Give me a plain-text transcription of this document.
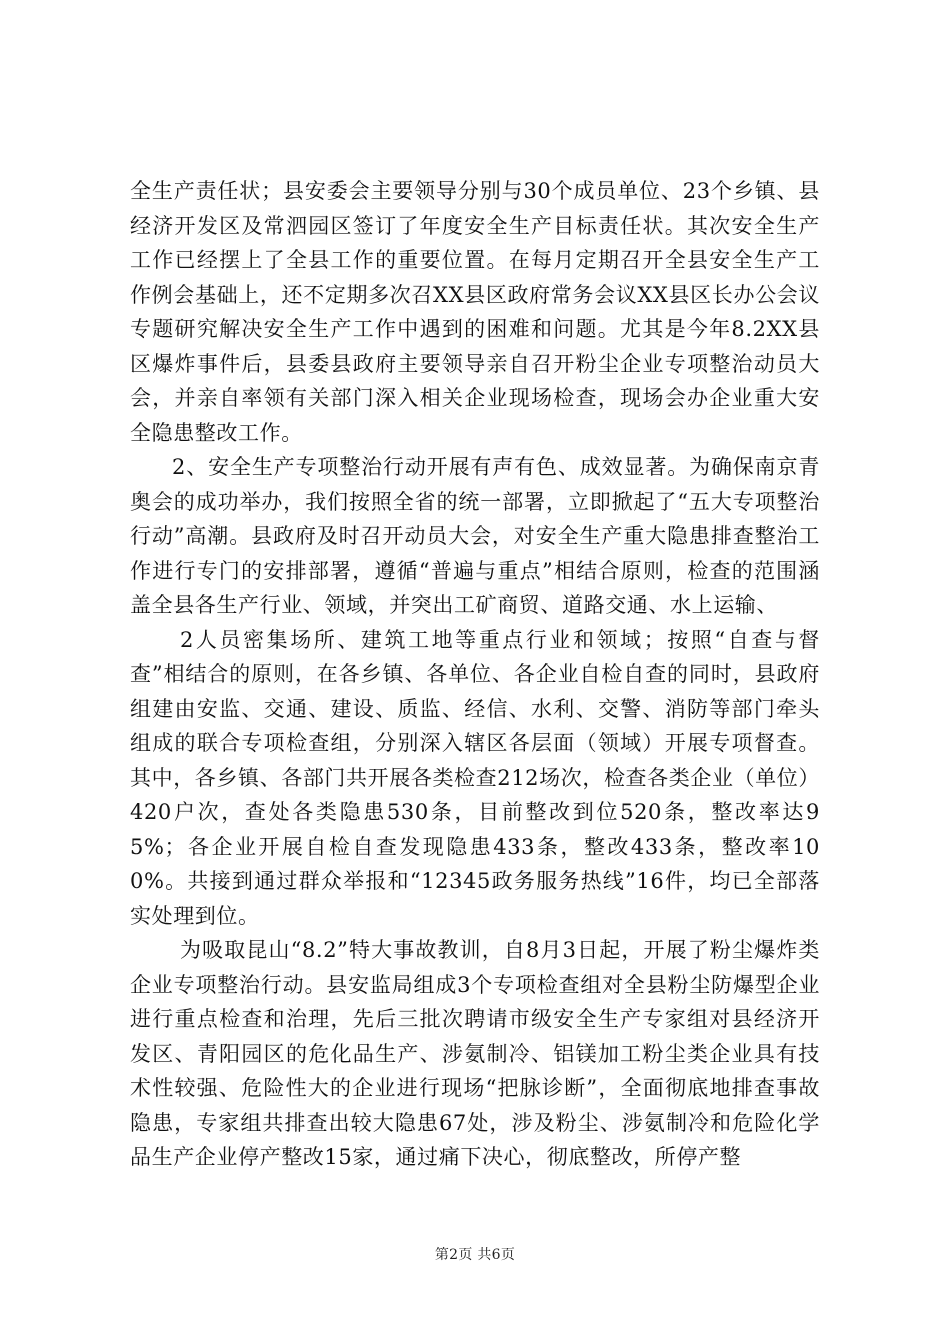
全生产责任状；县安委会主要领导分别与30个成员单位、23个乡镇、县经济开发区及常泗园区签订了年度安全生产目标责任状。其次安全生产工作已经摆上了全县工作的重要位置。在每月定期召开全县安全生产工作例会基础上，还不定期多次召XX县区政府常务会议XX县区长办公会议专题研究解决安全生产工作中遇到的困难和问题。尤其是今年8.2XX县区爆炸事件后，县委县政府主要领导亲自召开粉尘企业专项整治动员大会，并亲自率领有关部门深入相关企业现场检查，现场会办企业重大安全隐患整改工作。

2、安全生产专项整治行动开展有声有色、成效显著。为确保南京青奥会的成功举办，我们按照全省的统一部署，立即掀起了“五大专项整治行动”高潮。县政府及时召开动员大会，对安全生产重大隐患排查整治工作进行专门的安排部署，遵循“普遍与重点”相结合原则，检查的范围涵盖全县各生产行业、领域，并突出工矿商贸、道路交通、水上运输、

2人员密集场所、建筑工地等重点行业和领域；按照“自查与督查”相结合的原则，在各乡镇、各单位、各企业自检自查的同时，县政府组建由安监、交通、建设、质监、经信、水利、交警、消防等部门牵头组成的联合专项检查组，分别深入辖区各层面（领域）开展专项督查。其中，各乡镇、各部门共开展各类检查212场次，检查各类企业（单位）420户次，查处各类隐患530条，目前整改到位520条，整改率达95%；各企业开展自检自查发现隐患433条，整改433条，整改率100%。共接到通过群众举报和“12345政务服务热线”16件，均已全部落实处理到位。

为吸取昆山“8.2”特大事故教训，自8月3日起，开展了粉尘爆炸类企业专项整治行动。县安监局组成3个专项检查组对全县粉尘防爆型企业进行重点检查和治理，先后三批次聘请市级安全生产专家组对县经济开发区、青阳园区的危化品生产、涉氨制冷、铝镁加工粉尘类企业具有技术性较强、危险性大的企业进行现场“把脉诊断”，全面彻底地排查事故隐患，专家组共排查出较大隐患67处，涉及粉尘、涉氨制冷和危险化学品生产企业停产整改15家，通过痛下决心，彻底整改，所停产整

第2页 共6页
